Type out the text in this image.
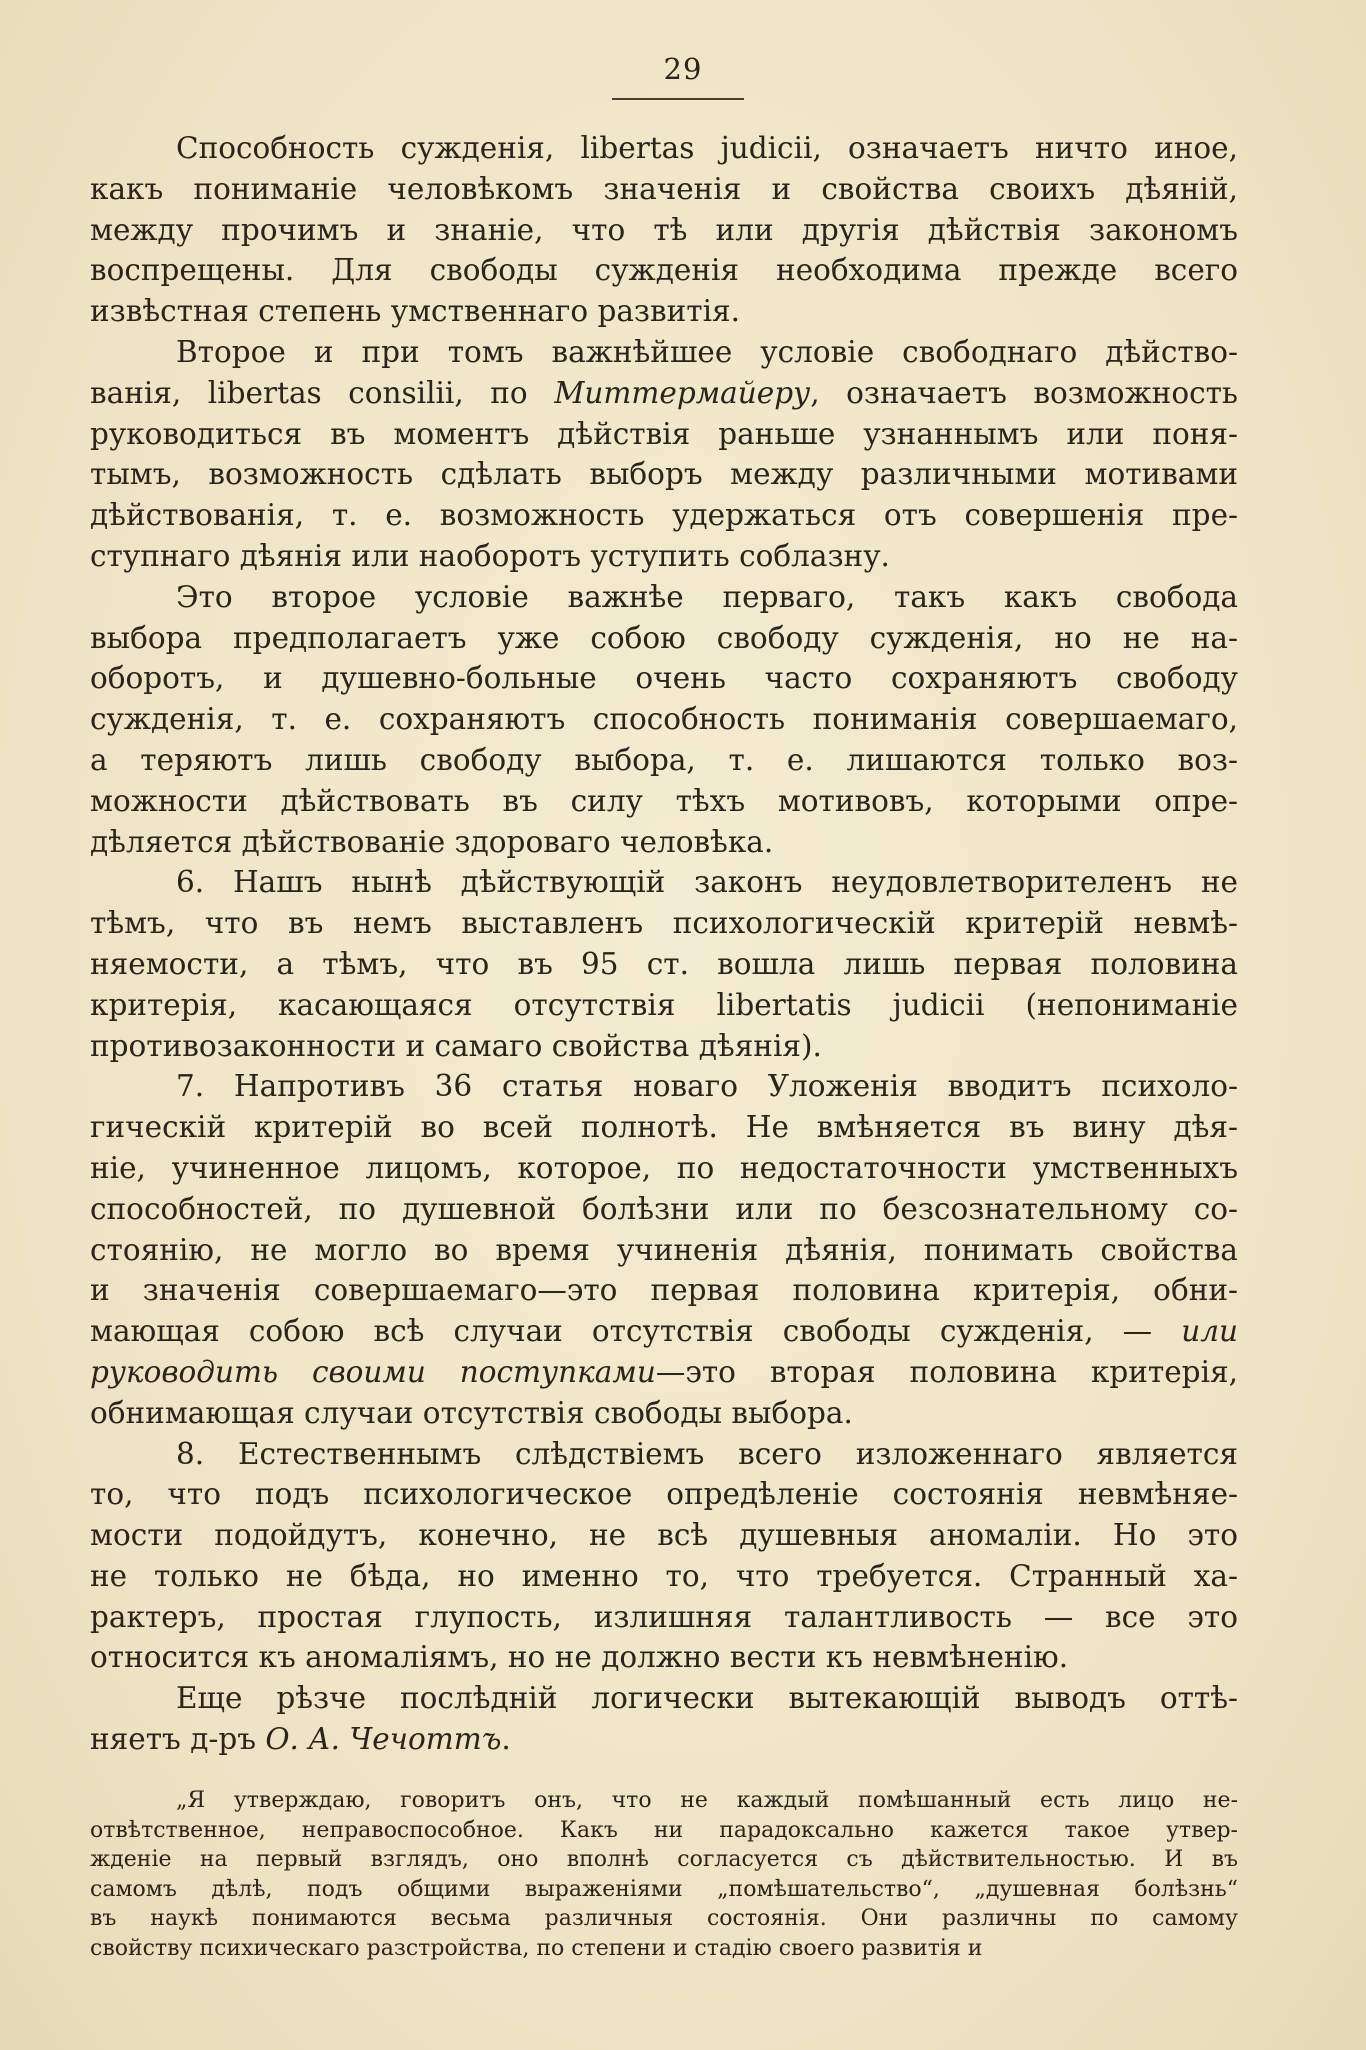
29

Способность сужденія, libertas judicii, означаетъ ничто иное,
какъ пониманіе человѣкомъ значенія и свойства своихъ дѣяній,
между прочимъ и знаніе, что тѣ или другія дѣйствія закономъ
воспрещены. Для свободы сужденія необходима прежде всего
извѣстная степень умственнаго развитія.

Второе и при томъ важнѣйшее условіе свободнаго дѣйство-
ванія, libertas consilii, по Миттермайеру, означаетъ возможность
руководиться въ моментъ дѣйствія раньше узнаннымъ или поня-
тымъ, возможность сдѣлать выборъ между различными мотивами
дѣйствованія, т. е. возможность удержаться отъ совершенія пре-
ступнаго дѣянія или наоборотъ уступить соблазну.

Это второе условіе важнѣе перваго, такъ какъ свобода
выбора предполагаетъ уже собою свободу сужденія, но не на-
оборотъ, и душевно-больные очень часто сохраняютъ свободу
сужденія, т. е. сохраняютъ способность пониманія совершаемаго,
а теряютъ лишь свободу выбора, т. е. лишаются только воз-
можности дѣйствовать въ силу тѣхъ мотивовъ, которыми опре-
дѣляется дѣйствованіе здороваго человѣка.

6. Нашъ нынѣ дѣйствующій законъ неудовлетворителенъ не
тѣмъ, что въ немъ выставленъ психологическій критерій невмѣ-
няемости, а тѣмъ, что въ 95 ст. вошла лишь первая половина
критерія, касающаяся отсутствія libertatis judicii (непониманіе
противозаконности и самаго свойства дѣянія).

7. Напротивъ 36 статья новаго Уложенія вводитъ психоло-
гическій критерій во всей полнотѣ. Не вмѣняется въ вину дѣя-
ніе, учиненное лицомъ, которое, по недостаточности умственныхъ
способностей, по душевной болѣзни или по безсознательному со-
стоянію, не могло во время учиненія дѣянія, понимать свойства
и значенія совершаемаго—это первая половина критерія, обни-
мающая собою всѣ случаи отсутствія свободы сужденія, — или
руководить своими поступками—это вторая половина критерія,
обнимающая случаи отсутствія свободы выбора.

8. Естественнымъ слѣдствіемъ всего изложеннаго является
то, что подъ психологическое опредѣленіе состоянія невмѣняе-
мости подойдутъ, конечно, не всѣ душевныя аномаліи. Но это
не только не бѣда, но именно то, что требуется. Странный ха-
рактеръ, простая глупость, излишняя талантливость — все это
относится къ аномаліямъ, но не должно вести къ невмѣненію.

Еще рѣзче послѣдній логически вытекающій выводъ оттѣ-
няетъ д-ръ О. А. Чечоттъ.

„Я утверждаю, говоритъ онъ, что не каждый помѣшанный есть лицо не-
отвѣтственное, неправоспособное. Какъ ни парадоксально кажется такое утвер-
жденіе на первый взглядъ, оно вполнѣ согласуется съ дѣйствительностью. И въ
самомъ дѣлѣ, подъ общими выраженіями „помѣшательство“, „душевная болѣзнь“
въ наукѣ понимаются весьма различныя состоянія. Они различны по самому
свойству психическаго разстройства, по степени и стадію своего развитія и
